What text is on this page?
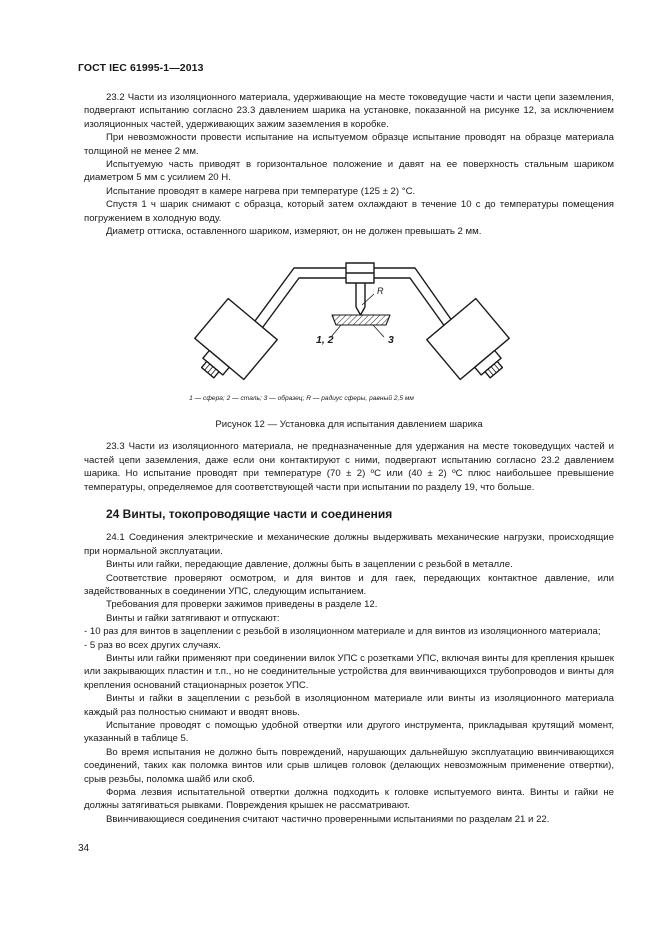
ГОСТ IEC 61995-1—2013

23.2 Части из изоляционного материала, удерживающие на месте токоведущие части и части цепи заземления, подвергают испытанию согласно 23.3 давлением шарика на установке, показанной на рисунке 12, за исключением изоляционных частей, удерживающих зажим заземления в коробке.

При невозможности провести испытание на испытуемом образце испытание проводят на образце материала толщиной не менее 2 мм.

Испытуемую часть приводят в горизонтальное положение и давят на ее поверхность стальным шариком диаметром 5 мм с усилием 20 Н.

Испытание проводят в камере нагрева при температуре (125 ± 2) °С.

Спустя 1 ч шарик снимают с образца, который затем охлаждают в течение 10 с до температуры помещения погружением в холодную воду.

Диаметр оттиска, оставленного шариком, измеряют, он не должен превышать 2 мм.

R
1, 2	3
1 — сфера; 2 — сталь; 3 — образец; R — радиус сферы, равный 2,5 мм
Рисунок 12 — Установка для испытания давлением шарика

23.3 Части из изоляционного материала, не предназначенные для удержания на месте токоведущих частей и частей цепи заземления, даже если они контактируют с ними, подвергают испытанию согласно 23.2 давлением шарика. Но испытание проводят при температуре (70 ± 2) ºС или (40 ± 2) ºС плюс наибольшее превышение температуры, определяемое для соответствующей части при испытании по разделу 19, что больше.

24 Винты, токопроводящие части и соединения

24.1 Соединения электрические и механические должны выдерживать механические нагрузки, происходящие при нормальной эксплуатации.

Винты или гайки, передающие давление, должны быть в зацеплении с резьбой в металле.

Соответствие проверяют осмотром, и для винтов и для гаек, передающих контактное давление, или задействованных в соединении УПС, следующим испытанием.

Требования для проверки зажимов приведены в разделе 12.

Винты и гайки затягивают и отпускают:

- 10 раз для винтов в зацеплении с резьбой в изоляционном материале и для винтов из изоляционного материала;

- 5 раз во всех других случаях.

Винты или гайки применяют при соединении вилок УПС с розетками УПС, включая винты для крепления крышек или закрывающих пластин и т.п., но не соединительные устройства для ввинчивающихся трубопроводов и винты для крепления оснований стационарных розеток УПС.

Винты и гайки в зацеплении с резьбой в изоляционном материале или винты из изоляционного материала каждый раз полностью снимают и вводят вновь.

Испытание проводят с помощью удобной отвертки или другого инструмента, прикладывая крутящий момент, указанный в таблице 5.

Во время испытания не должно быть повреждений, нарушающих дальнейшую эксплуатацию ввинчивающихся соединений, таких как поломка винтов или срыв шлицев головок (делающих невозможным применение отвертки), срыв резьбы, поломка шайб или скоб.

Форма лезвия испытательной отвертки должна подходить к головке испытуемого винта. Винты и гайки не должны затягиваться рывками. Повреждения крышек не рассматривают.

Ввинчивающиеся соединения считают частично проверенными испытаниями по разделам 21 и 22.

34
